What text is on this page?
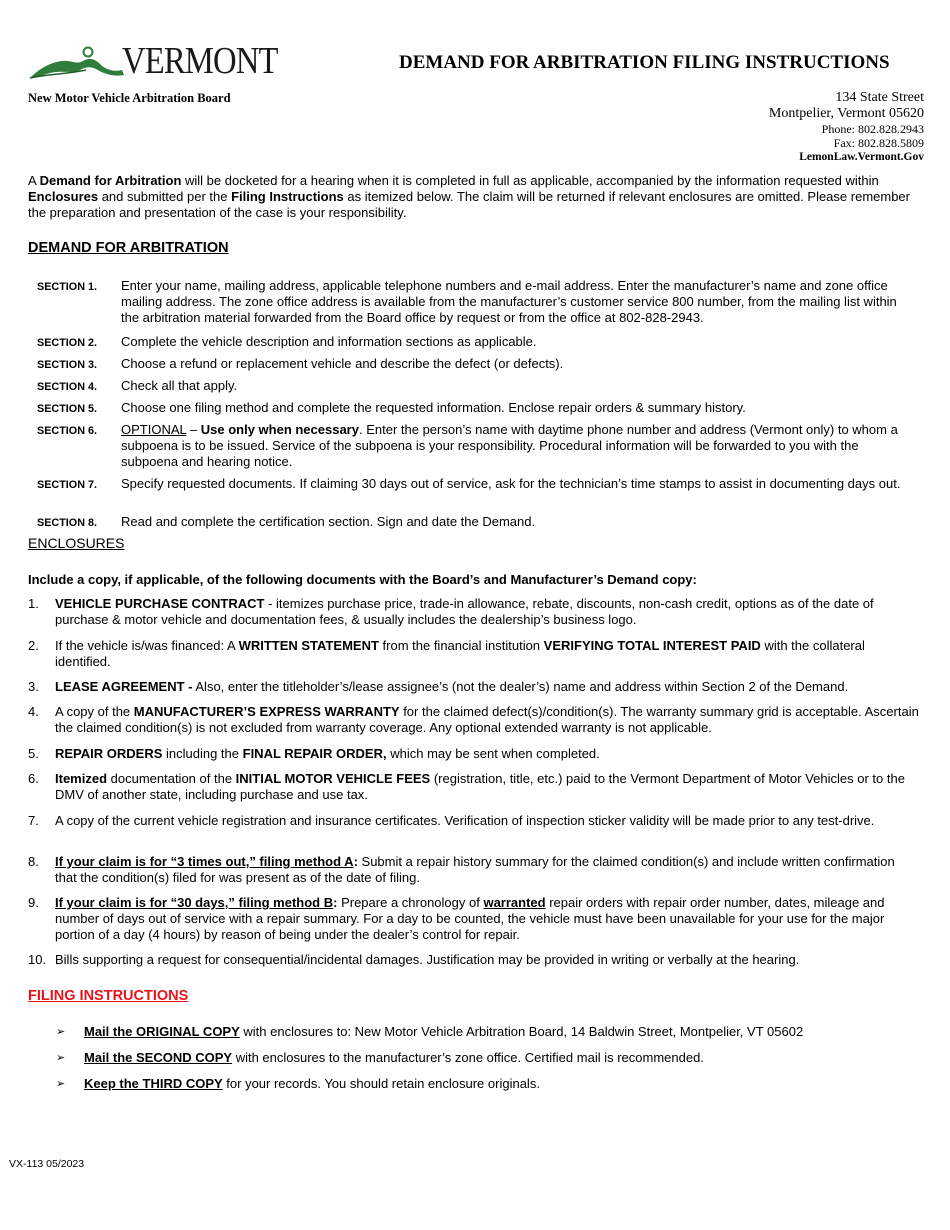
VERMONT	DEMAND FOR ARBITRATION FILING INSTRUCTIONS
New Motor Vehicle Arbitration Board	134 State Street
Montpelier, Vermont 05620
Phone: 802.828.2943
Fax: 802.828.5809
LemonLaw.Vermont.Gov
A Demand for Arbitration will be docketed for a hearing when it is completed in full as applicable, accompanied by the information requested within Enclosures and submitted per the Filing Instructions as itemized below. The claim will be returned if relevant enclosures are omitted. Please remember the preparation and presentation of the case is your responsibility.
DEMAND FOR ARBITRATION
SECTION 1.	Enter your name, mailing address, applicable telephone numbers and e-mail address. Enter the manufacturer’s name and zone office mailing address. The zone office address is available from the manufacturer’s customer service 800 number, from the mailing list within the arbitration material forwarded from the Board office by request or from the office at 802-828-2943.
SECTION 2.	Complete the vehicle description and information sections as applicable.
SECTION 3.	Choose a refund or replacement vehicle and describe the defect (or defects).
SECTION 4.	Check all that apply.
SECTION 5.	Choose one filing method and complete the requested information. Enclose repair orders & summary history.
SECTION 6.	OPTIONAL – Use only when necessary. Enter the person’s name with daytime phone number and address (Vermont only) to whom a subpoena is to be issued. Service of the subpoena is your responsibility. Procedural information will be forwarded to you with the subpoena and hearing notice.
SECTION 7.	Specify requested documents. If claiming 30 days out of service, ask for the technician’s time stamps to assist in documenting days out.
SECTION 8.	Read and complete the certification section. Sign and date the Demand.
ENCLOSURES
Include a copy, if applicable, of the following documents with the Board’s and Manufacturer’s Demand copy:
1.	VEHICLE PURCHASE CONTRACT - itemizes purchase price, trade-in allowance, rebate, discounts, non-cash credit, options as of the date of purchase & motor vehicle and documentation fees, & usually includes the dealership’s business logo.
2.	If the vehicle is/was financed: A WRITTEN STATEMENT from the financial institution VERIFYING TOTAL INTEREST PAID with the collateral identified.
3.	LEASE AGREEMENT - Also, enter the titleholder’s/lease assignee’s (not the dealer’s) name and address within Section 2 of the Demand.
4.	A copy of the MANUFACTURER’S EXPRESS WARRANTY for the claimed defect(s)/condition(s). The warranty summary grid is acceptable. Ascertain the claimed condition(s) is not excluded from warranty coverage. Any optional extended warranty is not applicable.
5.	REPAIR ORDERS including the FINAL REPAIR ORDER, which may be sent when completed.
6.	Itemized documentation of the INITIAL MOTOR VEHICLE FEES (registration, title, etc.) paid to the Vermont Department of Motor Vehicles or to the DMV of another state, including purchase and use tax.
7.	A copy of the current vehicle registration and insurance certificates. Verification of inspection sticker validity will be made prior to any test-drive.
8.	If your claim is for “3 times out,” filing method A: Submit a repair history summary for the claimed condition(s) and include written confirmation that the condition(s) filed for was present as of the date of filing.
9.	If your claim is for “30 days,” filing method B: Prepare a chronology of warranted repair orders with repair order number, dates, mileage and number of days out of service with a repair summary. For a day to be counted, the vehicle must have been unavailable for your use for the major portion of a day (4 hours) by reason of being under the dealer’s control for repair.
10. Bills supporting a request for consequential/incidental damages. Justification may be provided in writing or verbally at the hearing.
FILING INSTRUCTIONS
➢	Mail the ORIGINAL COPY with enclosures to: New Motor Vehicle Arbitration Board, 14 Baldwin Street, Montpelier, VT 05602
➢	Mail the SECOND COPY with enclosures to the manufacturer’s zone office. Certified mail is recommended.
➢	Keep the THIRD COPY for your records. You should retain enclosure originals.
VX-113 05/2023
